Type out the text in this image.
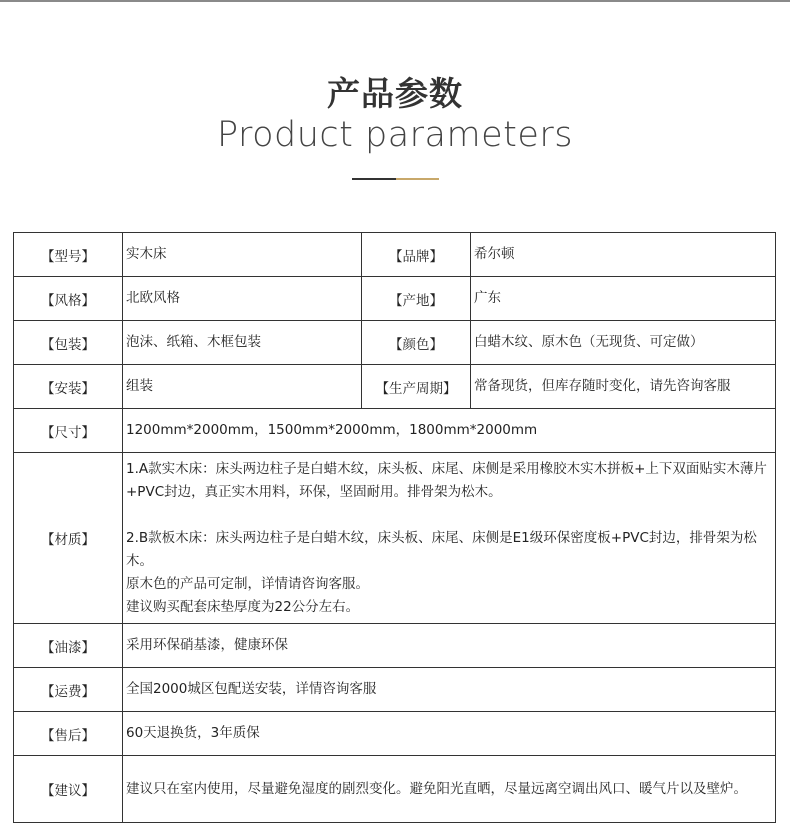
产品参数
Product parameters
【型号】	实木床	【品牌】	希尔顿
【风格】	北欧风格	【产地】	广东
【包装】	泡沫、纸箱、木框包装	【颜色】	白蜡木纹、原木色（无现货、可定做）
【安装】	组装	【生产周期】	常备现货，但库存随时变化，请先咨询客服
【尺寸】	1200mm*2000mm，1500mm*2000mm，1800mm*2000mm		
【材质】	1.A款实木床：床头两边柱子是白蜡木纹，床头板、床尾、床侧是采用橡胶木实木拼板+上下双面贴实木薄片+PVC封边，真正实木用料，环保，坚固耐用。排骨架为松木。

2.B款板木床：床头两边柱子是白蜡木纹，床头板、床尾、床侧是E1级环保密度板+PVC封边，排骨架为松木。

原木色的产品可定制，详情请咨询客服。

建议购买配套床垫厚度为22公分左右。		

【油漆】	采用环保硝基漆，健康环保		
【运费】	全国2000城区包配送安装，详情咨询客服		
【售后】	60天退换货，3年质保		
【建议】	建议只在室内使用，尽量避免湿度的剧烈变化。避免阳光直晒，尽量远离空调出风口、暖气片以及壁炉。		
